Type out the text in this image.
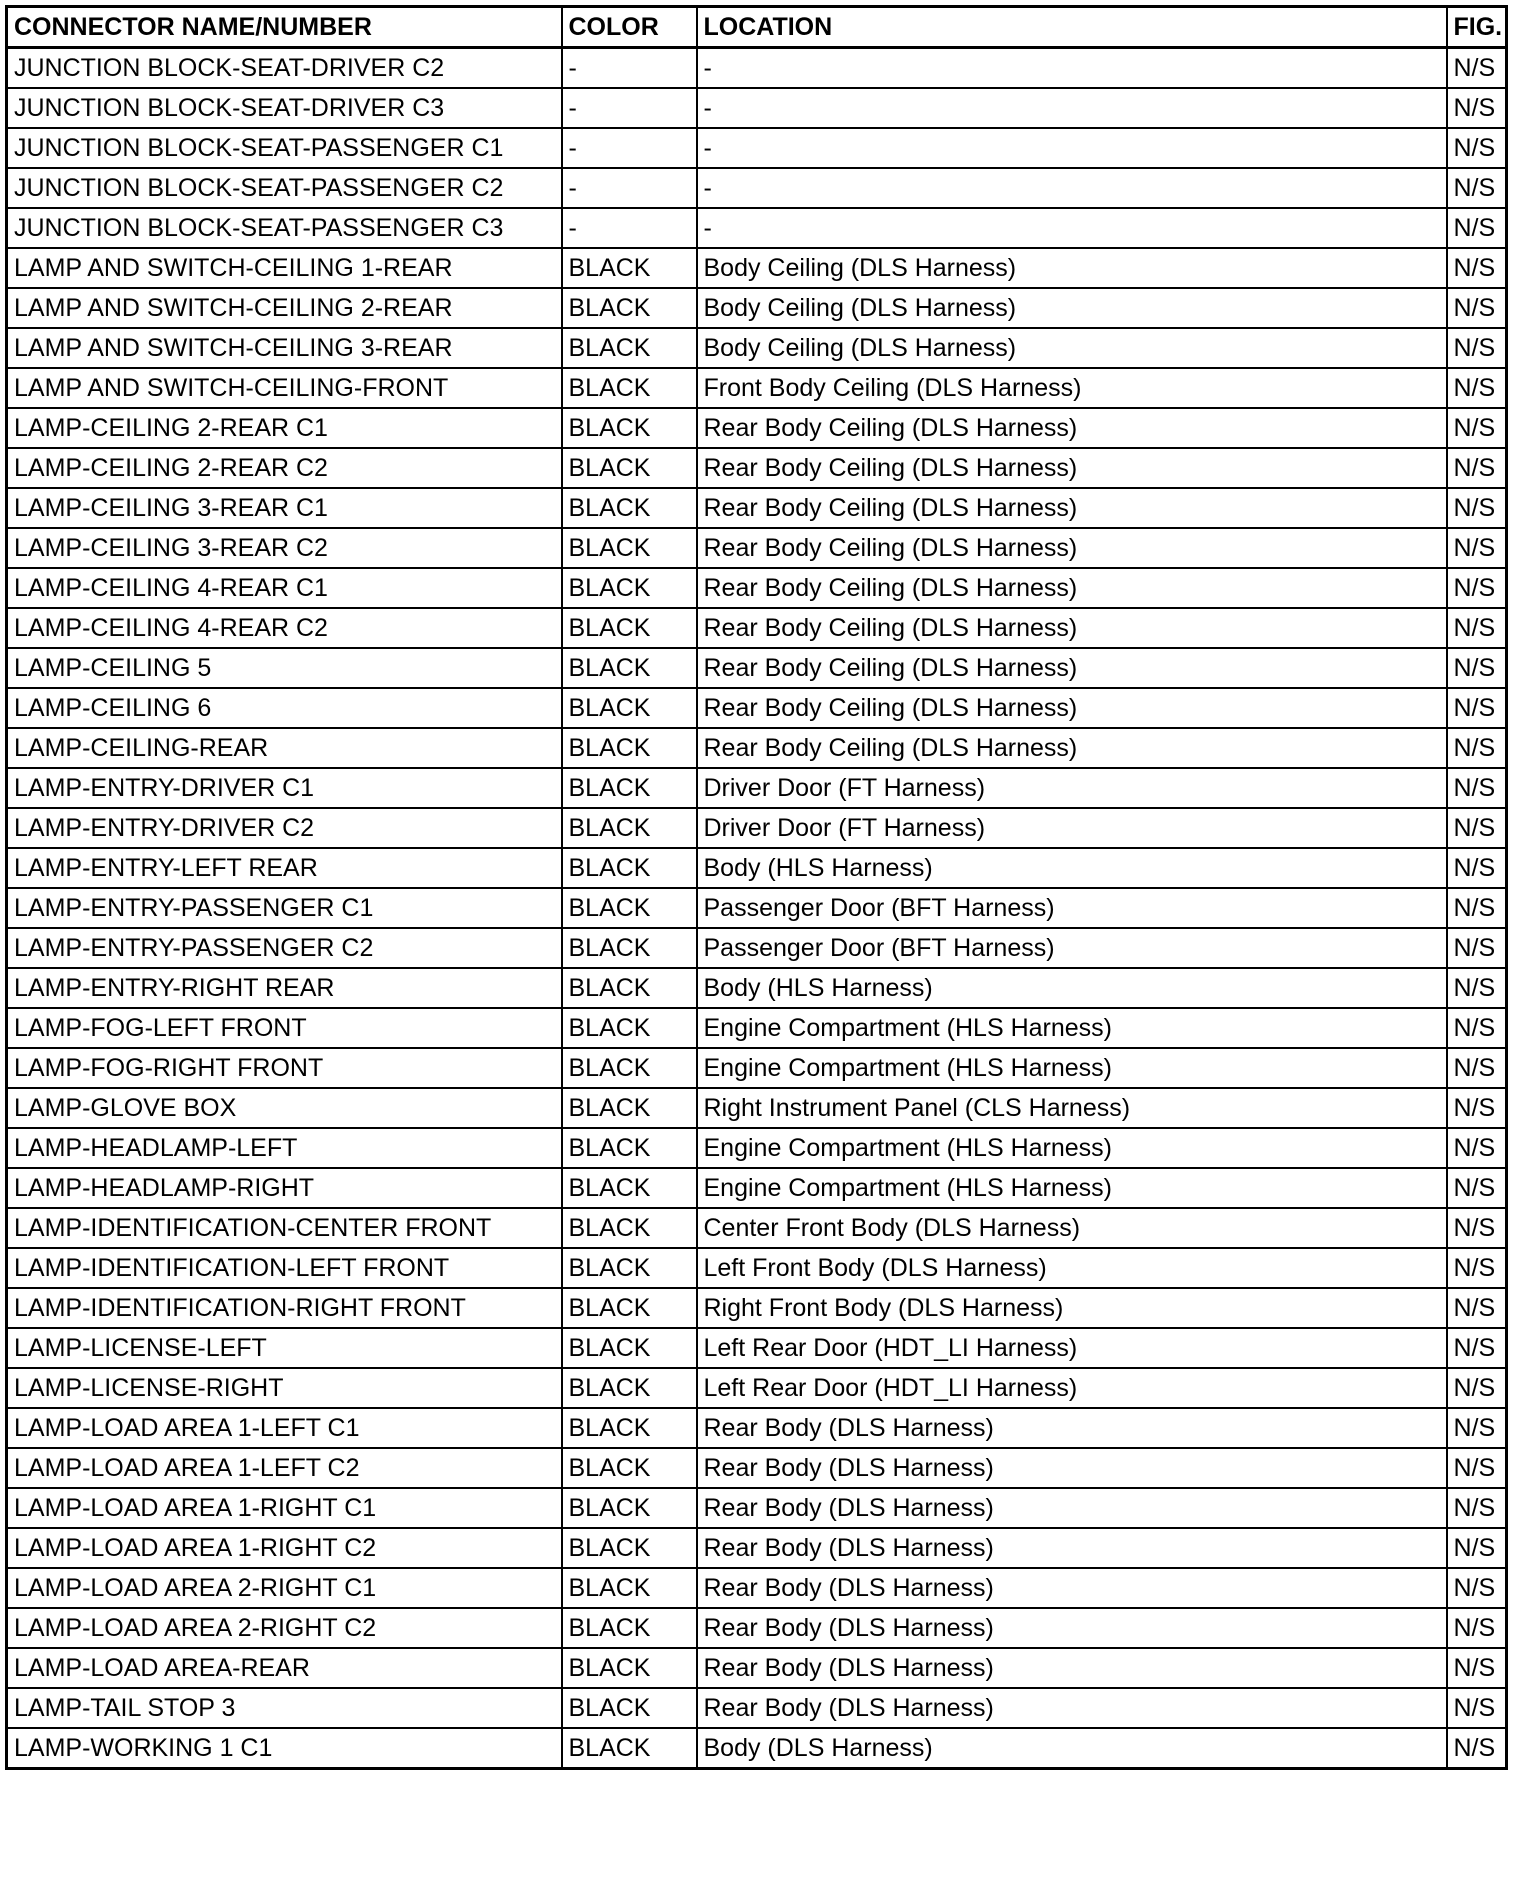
CONNECTOR NAME/NUMBER	COLOR	LOCATION	FIG.
JUNCTION BLOCK-SEAT-DRIVER C2	-	-	N/S
JUNCTION BLOCK-SEAT-DRIVER C3	-	-	N/S
JUNCTION BLOCK-SEAT-PASSENGER C1	-	-	N/S
JUNCTION BLOCK-SEAT-PASSENGER C2	-	-	N/S
JUNCTION BLOCK-SEAT-PASSENGER C3	-	-	N/S
LAMP AND SWITCH-CEILING 1-REAR	BLACK	Body Ceiling (DLS Harness)	N/S
LAMP AND SWITCH-CEILING 2-REAR	BLACK	Body Ceiling (DLS Harness)	N/S
LAMP AND SWITCH-CEILING 3-REAR	BLACK	Body Ceiling (DLS Harness)	N/S
LAMP AND SWITCH-CEILING-FRONT	BLACK	Front Body Ceiling (DLS Harness)	N/S
LAMP-CEILING 2-REAR C1	BLACK	Rear Body Ceiling (DLS Harness)	N/S
LAMP-CEILING 2-REAR C2	BLACK	Rear Body Ceiling (DLS Harness)	N/S
LAMP-CEILING 3-REAR C1	BLACK	Rear Body Ceiling (DLS Harness)	N/S
LAMP-CEILING 3-REAR C2	BLACK	Rear Body Ceiling (DLS Harness)	N/S
LAMP-CEILING 4-REAR C1	BLACK	Rear Body Ceiling (DLS Harness)	N/S
LAMP-CEILING 4-REAR C2	BLACK	Rear Body Ceiling (DLS Harness)	N/S
LAMP-CEILING 5	BLACK	Rear Body Ceiling (DLS Harness)	N/S
LAMP-CEILING 6	BLACK	Rear Body Ceiling (DLS Harness)	N/S
LAMP-CEILING-REAR	BLACK	Rear Body Ceiling (DLS Harness)	N/S
LAMP-ENTRY-DRIVER C1	BLACK	Driver Door (FT Harness)	N/S
LAMP-ENTRY-DRIVER C2	BLACK	Driver Door (FT Harness)	N/S
LAMP-ENTRY-LEFT REAR	BLACK	Body (HLS Harness)	N/S
LAMP-ENTRY-PASSENGER C1	BLACK	Passenger Door (BFT Harness)	N/S
LAMP-ENTRY-PASSENGER C2	BLACK	Passenger Door (BFT Harness)	N/S
LAMP-ENTRY-RIGHT REAR	BLACK	Body (HLS Harness)	N/S
LAMP-FOG-LEFT FRONT	BLACK	Engine Compartment (HLS Harness)	N/S
LAMP-FOG-RIGHT FRONT	BLACK	Engine Compartment (HLS Harness)	N/S
LAMP-GLOVE BOX	BLACK	Right Instrument Panel (CLS Harness)	N/S
LAMP-HEADLAMP-LEFT	BLACK	Engine Compartment (HLS Harness)	N/S
LAMP-HEADLAMP-RIGHT	BLACK	Engine Compartment (HLS Harness)	N/S
LAMP-IDENTIFICATION-CENTER FRONT	BLACK	Center Front Body (DLS Harness)	N/S
LAMP-IDENTIFICATION-LEFT FRONT	BLACK	Left Front Body (DLS Harness)	N/S
LAMP-IDENTIFICATION-RIGHT FRONT	BLACK	Right Front Body (DLS Harness)	N/S
LAMP-LICENSE-LEFT	BLACK	Left Rear Door (HDT_LI Harness)	N/S
LAMP-LICENSE-RIGHT	BLACK	Left Rear Door (HDT_LI Harness)	N/S
LAMP-LOAD AREA 1-LEFT C1	BLACK	Rear Body (DLS Harness)	N/S
LAMP-LOAD AREA 1-LEFT C2	BLACK	Rear Body (DLS Harness)	N/S
LAMP-LOAD AREA 1-RIGHT C1	BLACK	Rear Body (DLS Harness)	N/S
LAMP-LOAD AREA 1-RIGHT C2	BLACK	Rear Body (DLS Harness)	N/S
LAMP-LOAD AREA 2-RIGHT C1	BLACK	Rear Body (DLS Harness)	N/S
LAMP-LOAD AREA 2-RIGHT C2	BLACK	Rear Body (DLS Harness)	N/S
LAMP-LOAD AREA-REAR	BLACK	Rear Body (DLS Harness)	N/S
LAMP-TAIL STOP 3	BLACK	Rear Body (DLS Harness)	N/S
LAMP-WORKING 1 C1	BLACK	Body (DLS Harness)	N/S
